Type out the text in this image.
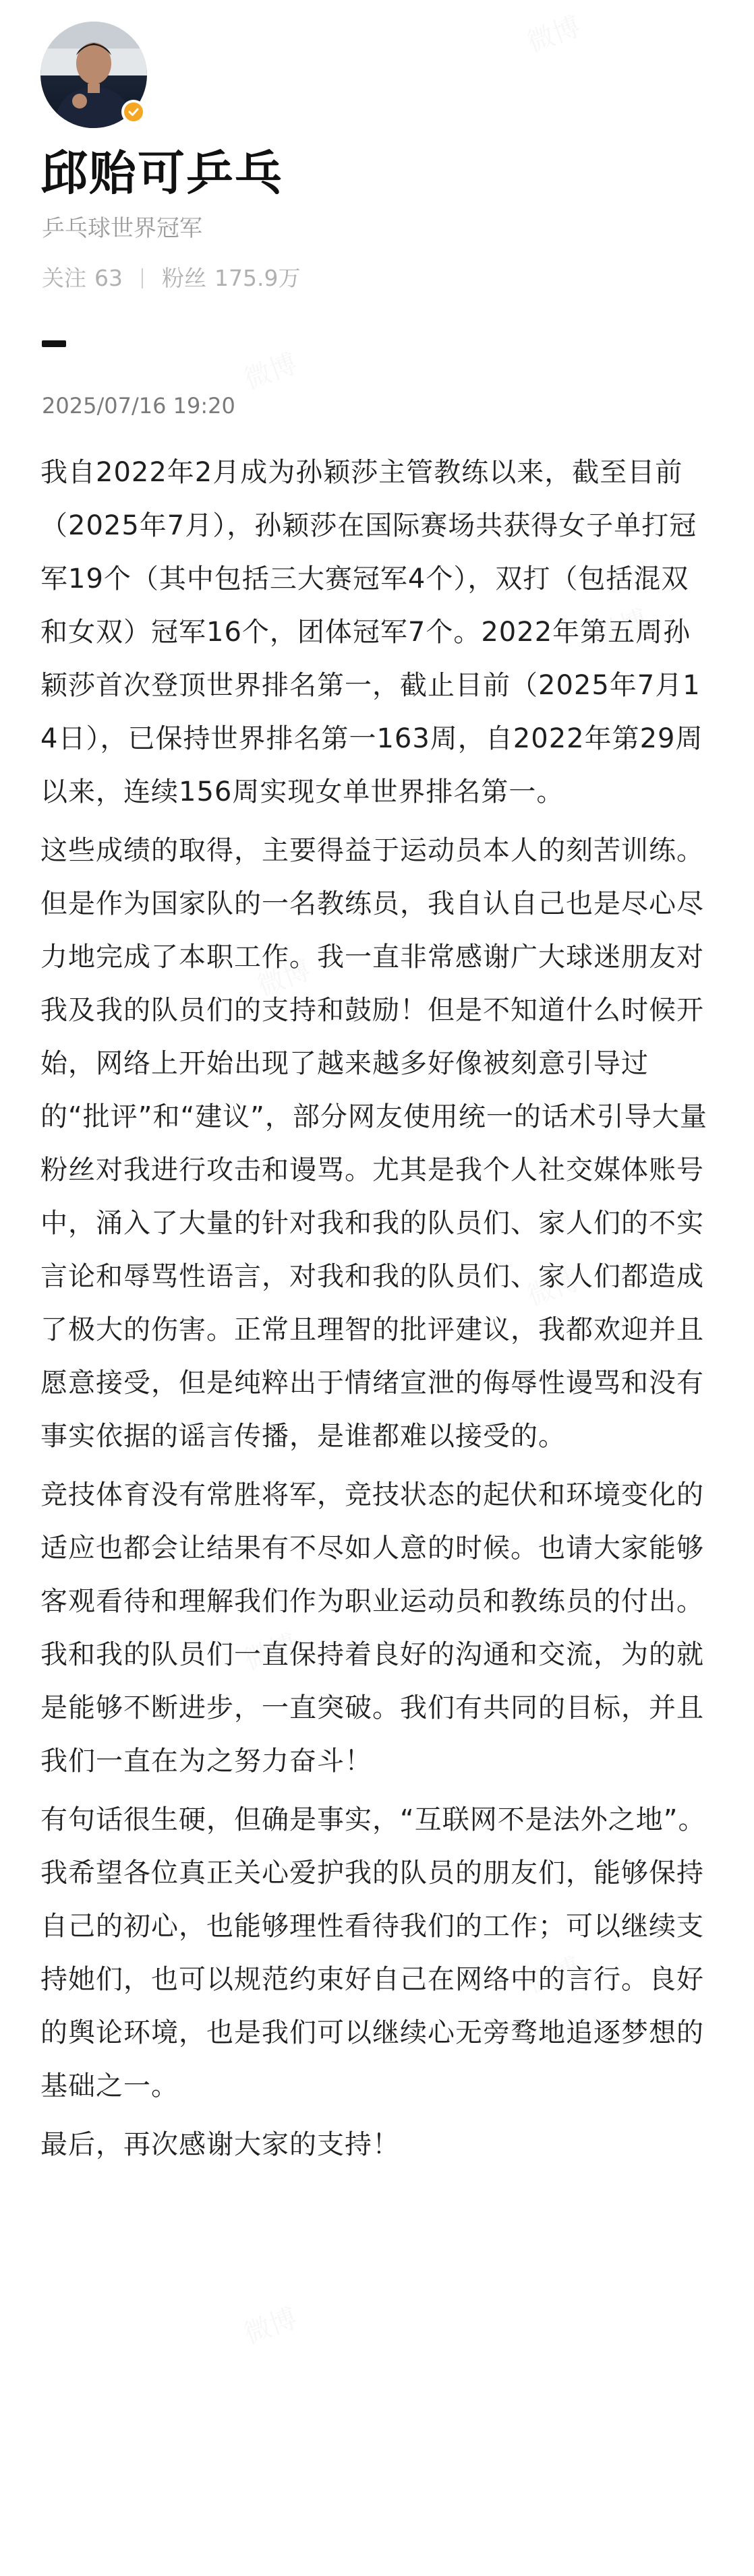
邱贻可乒乓
乒乓球世界冠军
关注 63 粉丝 175.9万
2025/07/16 19:20

我自2022年2月成为孙颖莎主管教练以来，截至目前（2025年7月），孙颖莎在国际赛场共获得女子单打冠军19个（其中包括三大赛冠军4个），双打（包括混双和女双）冠军16个，团体冠军7个。2022年第五周孙颖莎首次登顶世界排名第一，截止目前（2025年7月14日），已保持世界排名第一163周，自2022年第29周以来，连续156周实现女单世界排名第一。

这些成绩的取得，主要得益于运动员本人的刻苦训练。但是作为国家队的一名教练员，我自认自己也是尽心尽力地完成了本职工作。我一直非常感谢广大球迷朋友对我及我的队员们的支持和鼓励！但是不知道什么时候开始，网络上开始出现了越来越多好像被刻意引导过的“批评”和“建议”，部分网友使用统一的话术引导大量粉丝对我进行攻击和谩骂。尤其是我个人社交媒体账号中，涌入了大量的针对我和我的队员们、家人们的不实言论和辱骂性语言，对我和我的队员们、家人们都造成了极大的伤害。正常且理智的批评建议，我都欢迎并且愿意接受，但是纯粹出于情绪宣泄的侮辱性谩骂和没有事实依据的谣言传播，是谁都难以接受的。

竞技体育没有常胜将军，竞技状态的起伏和环境变化的适应也都会让结果有不尽如人意的时候。也请大家能够客观看待和理解我们作为职业运动员和教练员的付出。我和我的队员们一直保持着良好的沟通和交流，为的就是能够不断进步，一直突破。我们有共同的目标，并且我们一直在为之努力奋斗！

有句话很生硬，但确是事实，“互联网不是法外之地”。我希望各位真正关心爱护我的队员的朋友们，能够保持自己的初心，也能够理性看待我们的工作；可以继续支持她们，也可以规范约束好自己在网络中的言行。良好的舆论环境，也是我们可以继续心无旁骛地追逐梦想的基础之一。

最后，再次感谢大家的支持！
